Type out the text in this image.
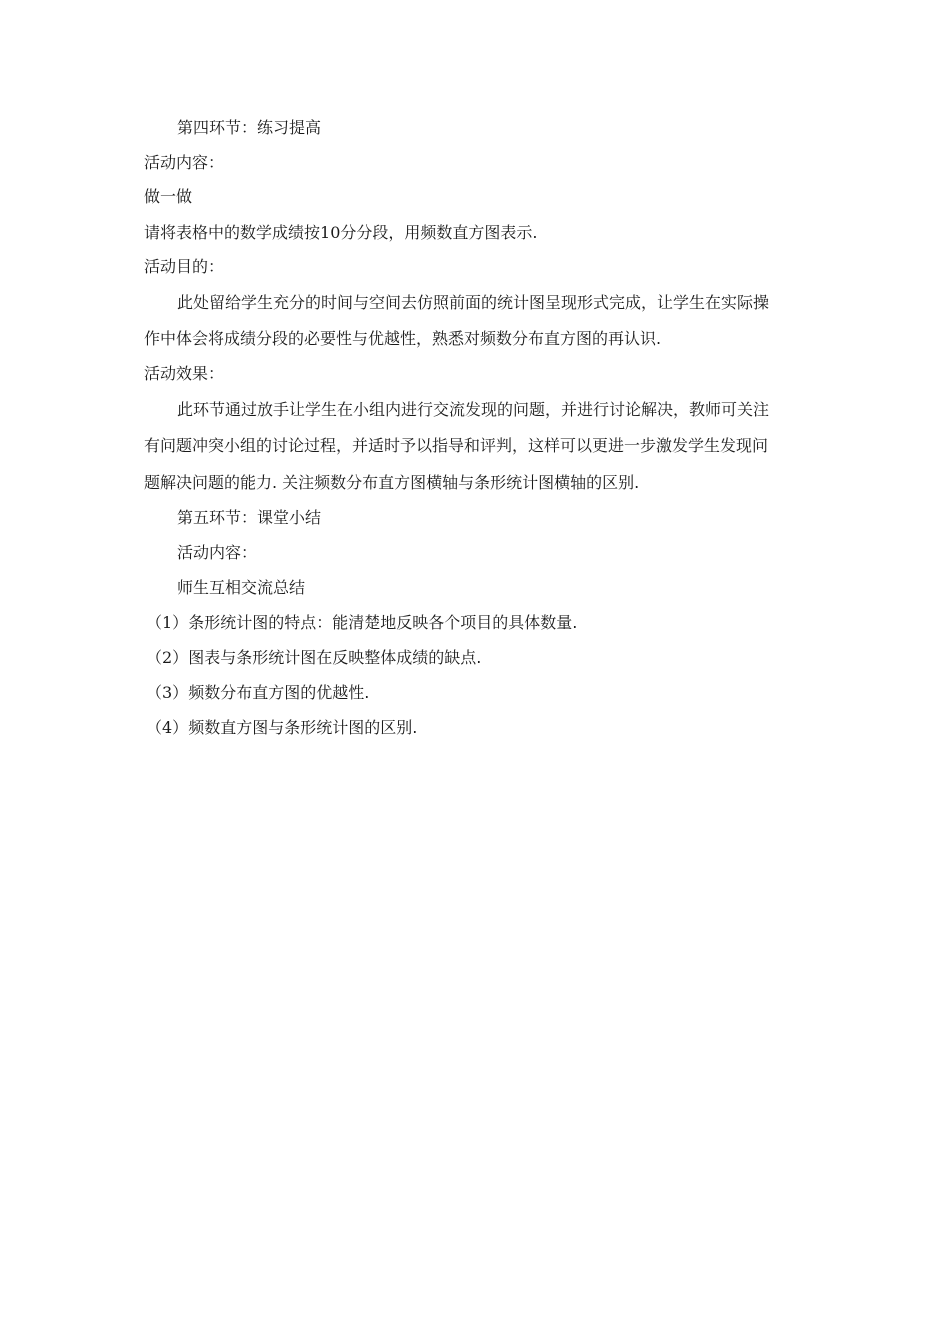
第四环节：练习提高
活动内容：
做一做
请将表格中的数学成绩按10分分段，用频数直方图表示.
活动目的：
此处留给学生充分的时间与空间去仿照前面的统计图呈现形式完成，让学生在实际操
作中体会将成绩分段的必要性与优越性，熟悉对频数分布直方图的再认识.
活动效果：
此环节通过放手让学生在小组内进行交流发现的问题，并进行讨论解决，教师可关注
有问题冲突小组的讨论过程，并适时予以指导和评判，这样可以更进一步激发学生发现问
题解决问题的能力. 关注频数分布直方图横轴与条形统计图横轴的区别.
第五环节：课堂小结
活动内容：
师生互相交流总结
（1）条形统计图的特点：能清楚地反映各个项目的具体数量.
（2）图表与条形统计图在反映整体成绩的缺点.
（3）频数分布直方图的优越性.
（4）频数直方图与条形统计图的区别.
